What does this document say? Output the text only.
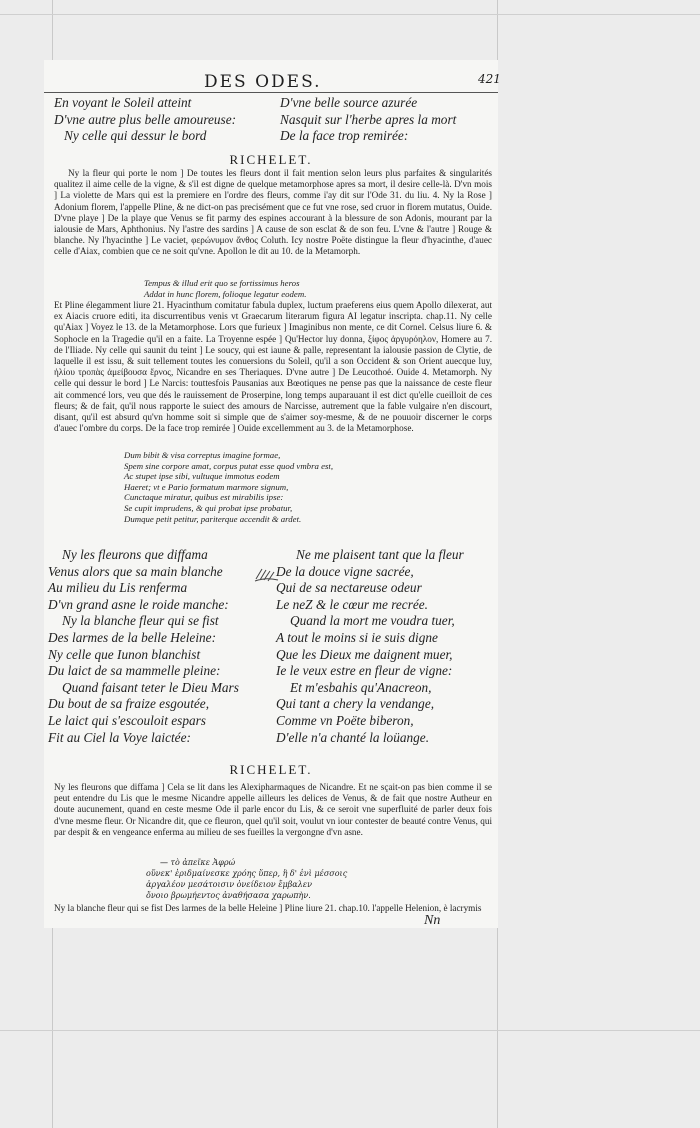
DES ODES.	421
En voyant le Soleil atteint
D'vne autre plus belle amoureuse:
Ny celle qui dessur le bord
D'vne belle source azurée
Nasquit sur l'herbe apres la mort
De la face trop remirée:
RICHELET.

Ny la fleur qui porte le nom ] De toutes les fleurs dont il fait mention selon leurs plus parfaites & singularités qualitez il aime celle de la vigne, & s'il est digne de quelque metamorphose apres sa mort, il desire celle-là. D'vn mois ] La violette de Mars qui est la premiere en l'ordre des fleurs, comme i'ay dit sur l'Ode 31. du liu. 4. Ny la Rose ] Adonium florem, l'appelle Pline, & ne dict-on pas precisément que ce fut vne rose, sed cruor in florem mutatus, Ouide. D'vne playe ] De la playe que Venus se fit parmy des espines accourant à la blessure de son Adonis, mourant par la ialousie de Mars, Aphthonius. Ny l'astre des sardins ] A cause de son esclat & de son feu. L'vne & l'autre ] Rouge & blanche. Ny l'hyacinthe ] Le vaciet, φερώνυμον ἄνθος Coluth. Icy nostre Poëte distingue la fleur d'hyacinthe, d'auec celle d'Aiax, combien que ce ne soit qu'vne. Apollon le dit au 10. de la Metamorph.

Tempus & illud erit quo se fortissimus heros
Addat in hunc florem, folioque legatur eodem.

Et Pline élegamment liure 21. Hyacinthum comitatur fabula duplex, luctum praeferens eius quem Apollo dilexerat, aut ex Aiacis cruore editi, ita discurrentibus venis vt Graecarum literarum figura AI legatur inscripta. chap.11. Ny celle qu'Aiax ] Voyez le 13. de la Metamorphose. Lors que furieux ] Imaginibus non mente, ce dit Cornel. Celsus liure 6. & Sophocle en la Tragedie qu'il en a faite. La Troyenne espée ] Qu'Hector luy donna, ξίφος ἀργυρόηλον, Homere au 7. de l'Iliade. Ny celle qui saunit du teint ] Le soucy, qui est iaune & palle, representant la ialousie passion de Clytie, de laquelle il est issu, & suit tellement toutes les conuersions du Soleil, qu'il a son Occident & son Orient auecque luy, ἡλίου τροπὰς ἀμείβουσα ἔρνος, Nicandre en ses Theriaques. D'vne autre ] De Leucothoé. Ouide 4. Metamorph. Ny celle qui dessur le bord ] Le Narcis: touttesfois Pausanias aux Bœotiques ne pense pas que la naissance de ceste fleur ait commencé lors, veu que dés le rauissement de Proserpine, long temps auparauant il est dict qu'elle cueilloit de ces fleurs; & de fait, qu'il nous rapporte le suiect des amours de Narcisse, autrement que la fable vulgaire n'en discourt, disant, qu'il est absurd qu'vn homme soit si simple que de s'aimer soy-mesme, & de ne pouuoir discerner le corps d'auec l'ombre du corps. De la face trop remirée ] Ouide excellemment au 3. de la Metamorphose.

Dum bibit & visa correptus imagine formae,
Spem sine corpore amat, corpus putat esse quod vmbra est,
Ac stupet ipse sibi, vultuque immotus eodem
Haeret; vt e Pario formatum marmore signum,
Cunctaque miratur, quibus est mirabilis ipse:
Se cupit imprudens, & qui probat ipse probatur,
Dumque petit petitur, pariterque accendit & ardet.
Ny les fleurons que diffama
Venus alors que sa main blanche
Au milieu du Lis renferma
D'vn grand asne le roide manche:
Ny la blanche fleur qui se fist
Des larmes de la belle Heleine:
Ny celle que Iunon blanchist
Du laict de sa mammelle pleine:
Quand faisant teter le Dieu Mars
Du bout de sa fraize esgoutée,
Le laict qui s'escouloit espars
Fit au Ciel la Voye laictée:
Ne me plaisent tant que la fleur
De la douce vigne sacrée,
Qui de sa nectareuse odeur
Le neZ & le cœur me recrée.
Quand la mort me voudra tuer,
A tout le moins si ie suis digne
Que les Dieux me daignent muer,
Ie le veux estre en fleur de vigne:
Et m'esbahis qu'Anacreon,
Qui tant a chery la vendange,
Comme vn Poëte biberon,
D'elle n'a chanté la loüange.
RICHELET.

Ny les fleurons que diffama ] Cela se lit dans les Alexipharmaques de Nicandre. Et ne sçait-on pas bien comme il se peut entendre du Lis que le mesme Nicandre appelle ailleurs les delices de Venus, & de fait que nostre Autheur en doute aucunement, quand en ceste mesme Ode il parle encor du Lis, & ce seroit vne superfluité de parler deux fois d'vne mesme fleur. Or Nicandre dit, que ce fleuron, quel qu'il soit, voulut vn iour contester de beauté contre Venus, qui par despit & en vengeance enferma au milieu de ses fueilles la vergongne d'vn asne.

— τὸ ἀπεῖκε Ἀφρώ
οὕνεκ' ἐριδμαίνεσκε χρόης ὕπερ, ἣ δ' ἐνὶ μέσσοις
ἀργαλέον μεσάτοισιν ὀνείδειον ἔμβαλεν
ὄνοιο βρωμήεντος ἀναθήσασα χαρωπὴν.
Ny la blanche fleur qui se fist Des larmes de la belle Heleine ] Pline liure 21. chap.10. l'appelle Helenion, è lacrymis
Nn
